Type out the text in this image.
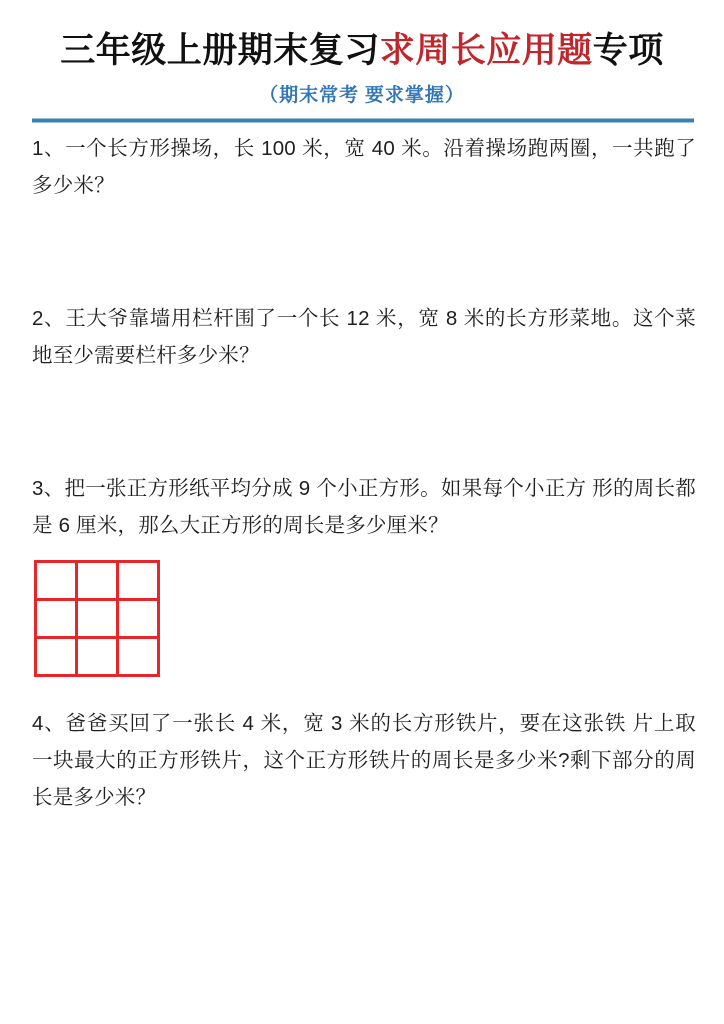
三年级上册期末复习求周长应用题专项
（期末常考 要求掌握）
1、一个长方形操场，长 100 米，宽 40 米。沿着操场跑两圈，一共跑了多少米？
2、王大爷靠墙用栏杆围了一个长 12 米，宽 8 米的长方形菜地。这个菜地至少需要栏杆多少米？
3、把一张正方形纸平均分成 9 个小正方形。如果每个小正方 形的周长都是 6 厘米，那么大正方形的周长是多少厘米？
4、爸爸买回了一张长 4 米，宽 3 米的长方形铁片，要在这张铁 片上取一块最大的正方形铁片，这个正方形铁片的周长是多少米?剩下部分的周长是多少米？
